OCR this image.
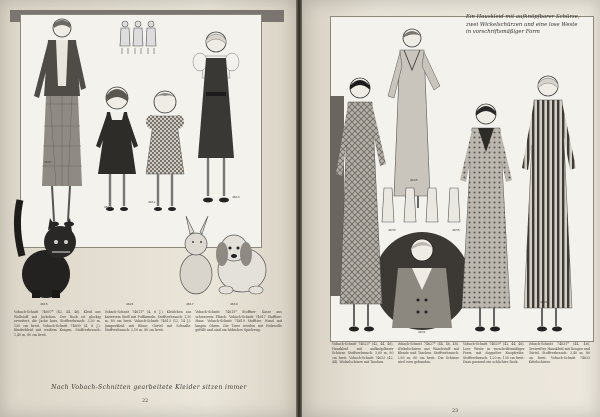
4607
4609
4611
4613
4615	4617	4619
4621
Vobach-Schnitt 74607* (42, 44, 46). Kleid aus Wollstoff mit Jäckchen. Der Rock ist glockig erweitert, die Jacke kurz. Stoffverbrauch: 3,30 m, 130 cm breit. Vobach-Schnitt 74609 (4, 6 J.). Kinderkleid mit weißem Kragen. Stoffverbrauch: 1,40 m, 80 cm breit.
Vobach-Schnitt 74611* (4, 6 J.). Kleidchen aus kariertem Stoff mit Puffärmeln. Stoffverbrauch: 1,50 m, 80 cm breit. Vobach-Schnitt 74613 (12, 14 J.). Jumperkleid mit Bluse; Gürtel mit Schnalle. Stoffverbrauch: 2,10 m, 80 cm breit.
Vobach-Schnitt 74615* Stofftier: Katze aus schwarzem Plüsch. Vobach-Schnitt 74617 Stofftier: Hase. Vobach-Schnitt 74619 Stofftier: Hund mit langen Ohren. Die Tiere werden mit Holzwolle gefüllt und sind ein hübsches Spielzeug.
Nach Vobach-Schnitten gearbeitete Kleider sitzen immer
22
4623
4625
4627	4629
4631
4633	4635
Vobach-Schnitt 74623* (42, 44, 46). Hauskleid mit aufknöpfbarer Schürze. Stoffverbrauch: 3,60 m, 80 cm breit. Vobach-Schnitt 74625 (42, 44). Wickelschürze mit Taschen.
Vobach-Schnitt 74627* (44, 46, 48). Wickelschürze aus Waschstoff mit Blende und Taschen. Stoffverbrauch: 2,80 m, 80 cm breit. Die Schürze wird vorn gebunden.
Vobach-Schnitt 74629* (42, 44, 46). Lose Weste in vorschriftsmäßiger Form mit doppelter Knopfreihe. Stoffverbrauch: 1,20 m, 130 cm breit. Dazu passend ein schlichter Rock.
Vobach-Schnitt 74631* (44, 46). Gestreiftes Hauskleid mit Kragen und Gürtel. Stoffverbrauch: 3,40 m, 80 cm breit. Vobach-Schnitt 74633 Kittelschürze.
23
Ein Hauskleid mit aufknöpfbarer Schürze, zwei Wickelschürzen und eine lose Weste in vorschriftsmäßiger Form
